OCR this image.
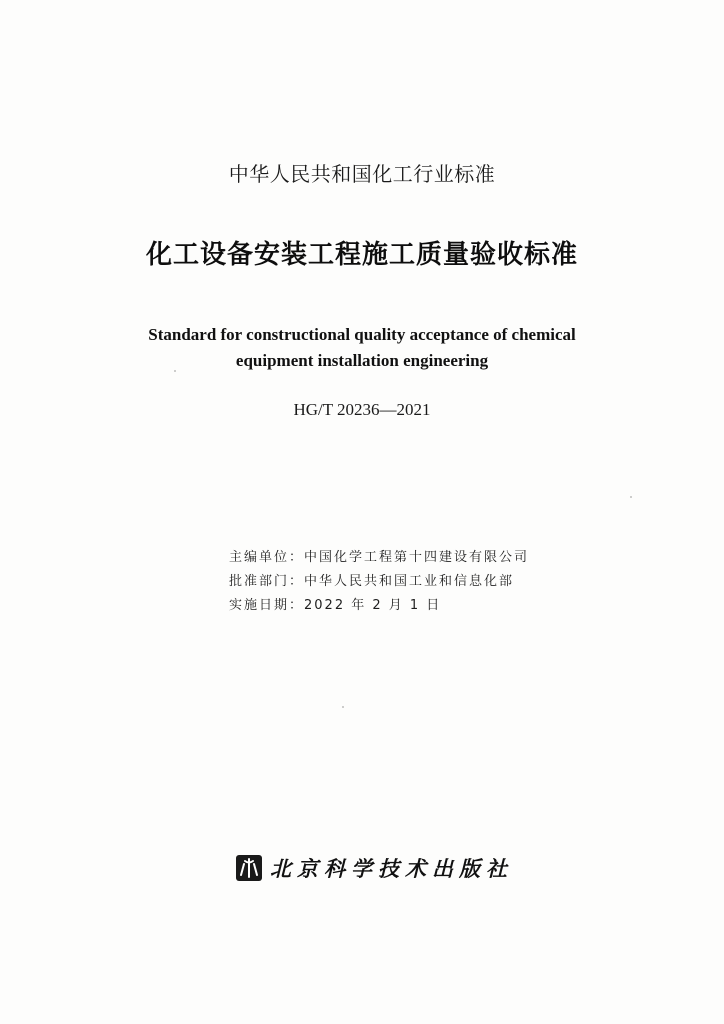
中华人民共和国化工行业标准
化工设备安装工程施工质量验收标准
Standard for constructional quality acceptance of chemical
equipment installation engineering
HG/T 20236—2021
主编单位：中国化学工程第十四建设有限公司
批准部门：中华人民共和国工业和信息化部
实施日期：2022 年 2 月 1 日
北京科学技术出版社
